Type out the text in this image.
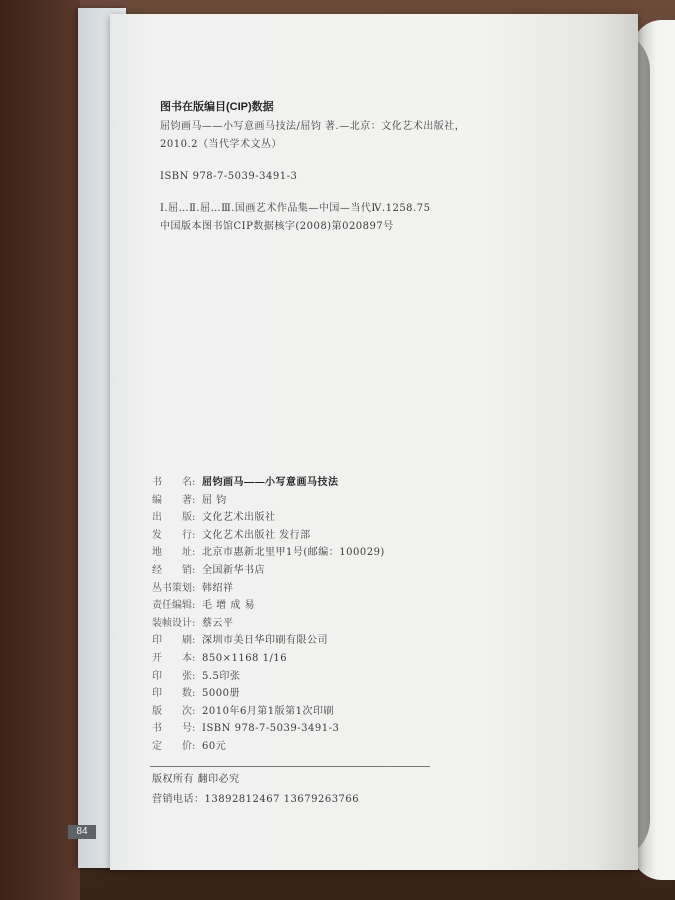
84
图书在版编目(CIP)数据
屈钧画马——小写意画马技法/屈钧 著.—北京：文化艺术出版社，
2010.2（当代学术文丛）
ISBN 978-7-5039-3491-3
Ⅰ.屈…Ⅱ.屈…Ⅲ.国画艺术作品集—中国—当代Ⅳ.1258.75
中国版本图书馆CIP数据核字(2008)第020897号
书　　名: 屈钧画马——小写意画马技法
编　　著: 屈 钧
出　　版: 文化艺术出版社
发　　行: 文化艺术出版社 发行部
地　　址: 北京市惠新北里甲1号(邮编：100029)
经　　销: 全国新华书店
丛书策划: 韩绍祥
责任编辑: 毛 增 成 易
装帧设计: 蔡云平
印　　刷: 深圳市美日华印刷有限公司
开　　本: 850×1168 1/16
印　　张: 5.5印张
印　　数: 5000册
版　　次: 2010年6月第1版第1次印刷
书　　号: ISBN 978-7-5039-3491-3
定　　价: 60元
版权所有 翻印必究
营销电话：13892812467 13679263766
